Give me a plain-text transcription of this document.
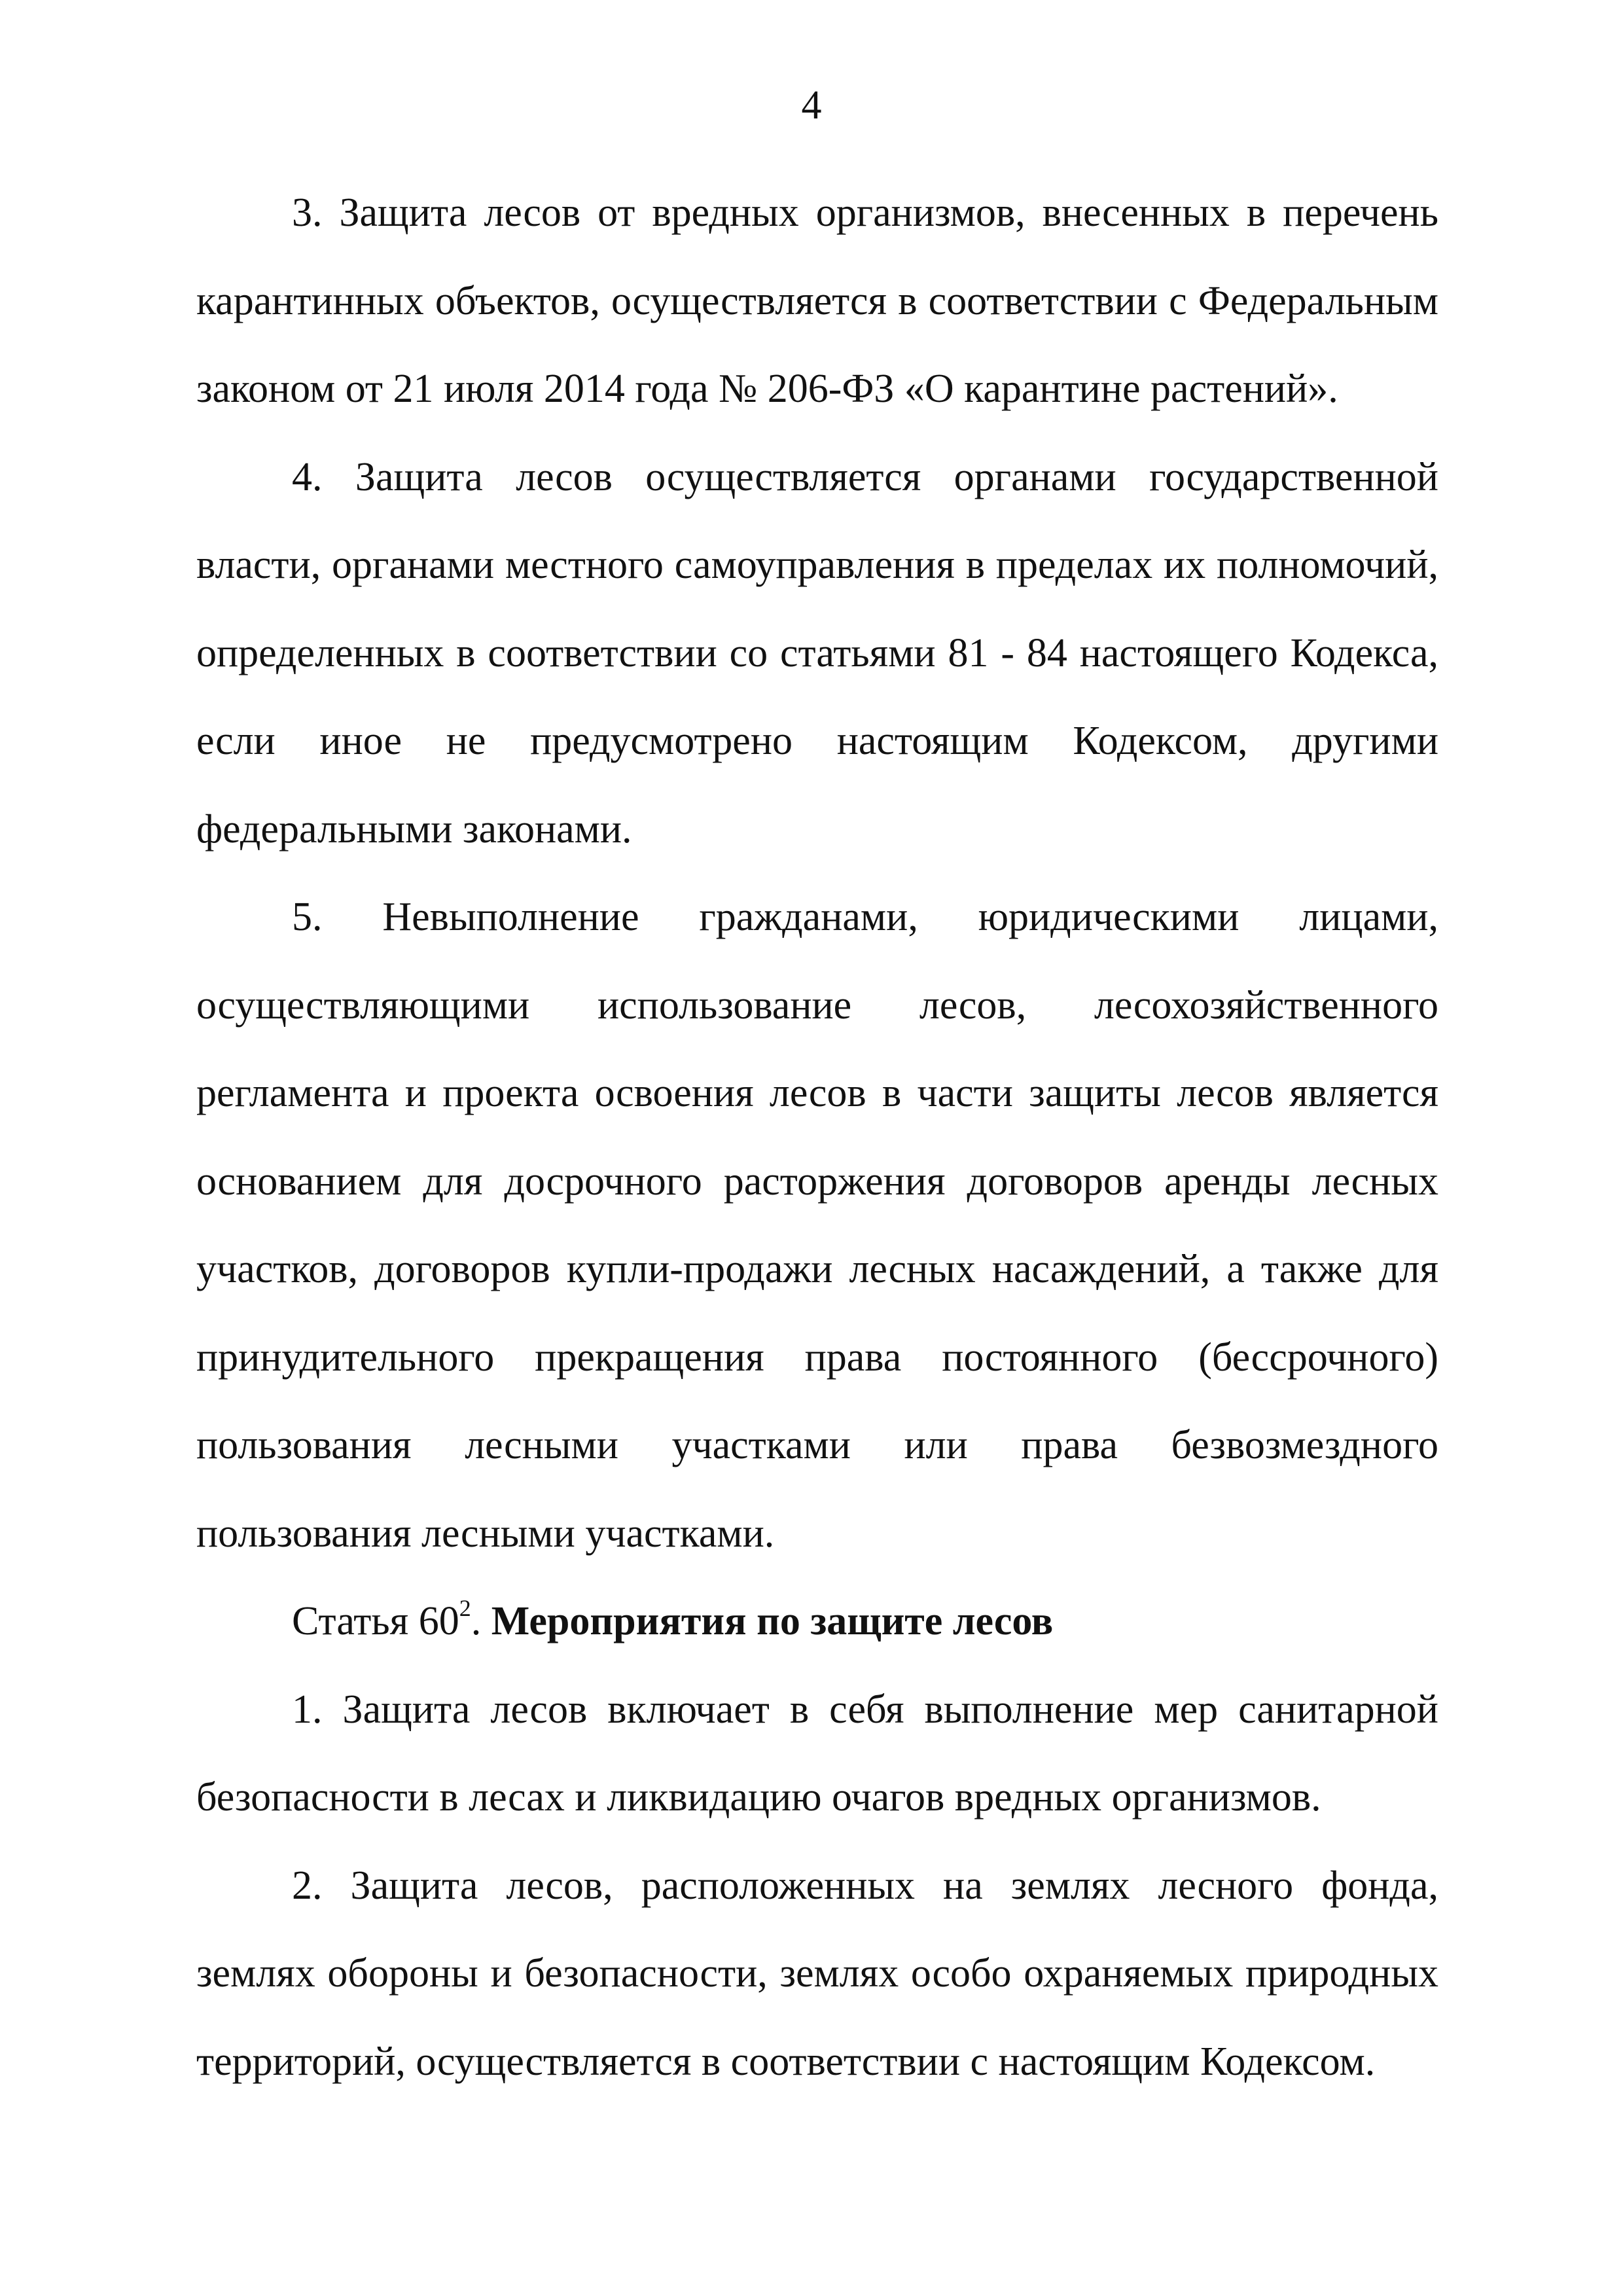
4

3. Защита лесов от вредных организмов, внесенных в перечень карантинных объектов, осуществляется в соответствии с Федеральным законом от 21 июля 2014 года № 206-ФЗ «О карантине растений».

4. Защита лесов осуществляется органами государственной власти, органами местного самоуправления в пределах их полномочий, определенных в соответствии со статьями 81 - 84 настоящего Кодекса, если иное не предусмотрено настоящим Кодексом, другими федеральными законами.

5. Невыполнение гражданами, юридическими лицами, осуществляющими использование лесов, лесохозяйственного регламента и проекта освоения лесов в части защиты лесов является основанием для досрочного расторжения договоров аренды лесных участков, договоров купли-продажи лесных насаждений, а также для принудительного прекращения права постоянного (бессрочного) пользования лесными участками или права безвозмездного пользования лесными участками.

Статья $60^2$. Мероприятия по защите лесов

1. Защита лесов включает в себя выполнение мер санитарной безопасности в лесах и ликвидацию очагов вредных организмов.

2. Защита лесов, расположенных на землях лесного фонда, землях обороны и безопасности, землях особо охраняемых природных территорий, осуществляется в соответствии с настоящим Кодексом.
